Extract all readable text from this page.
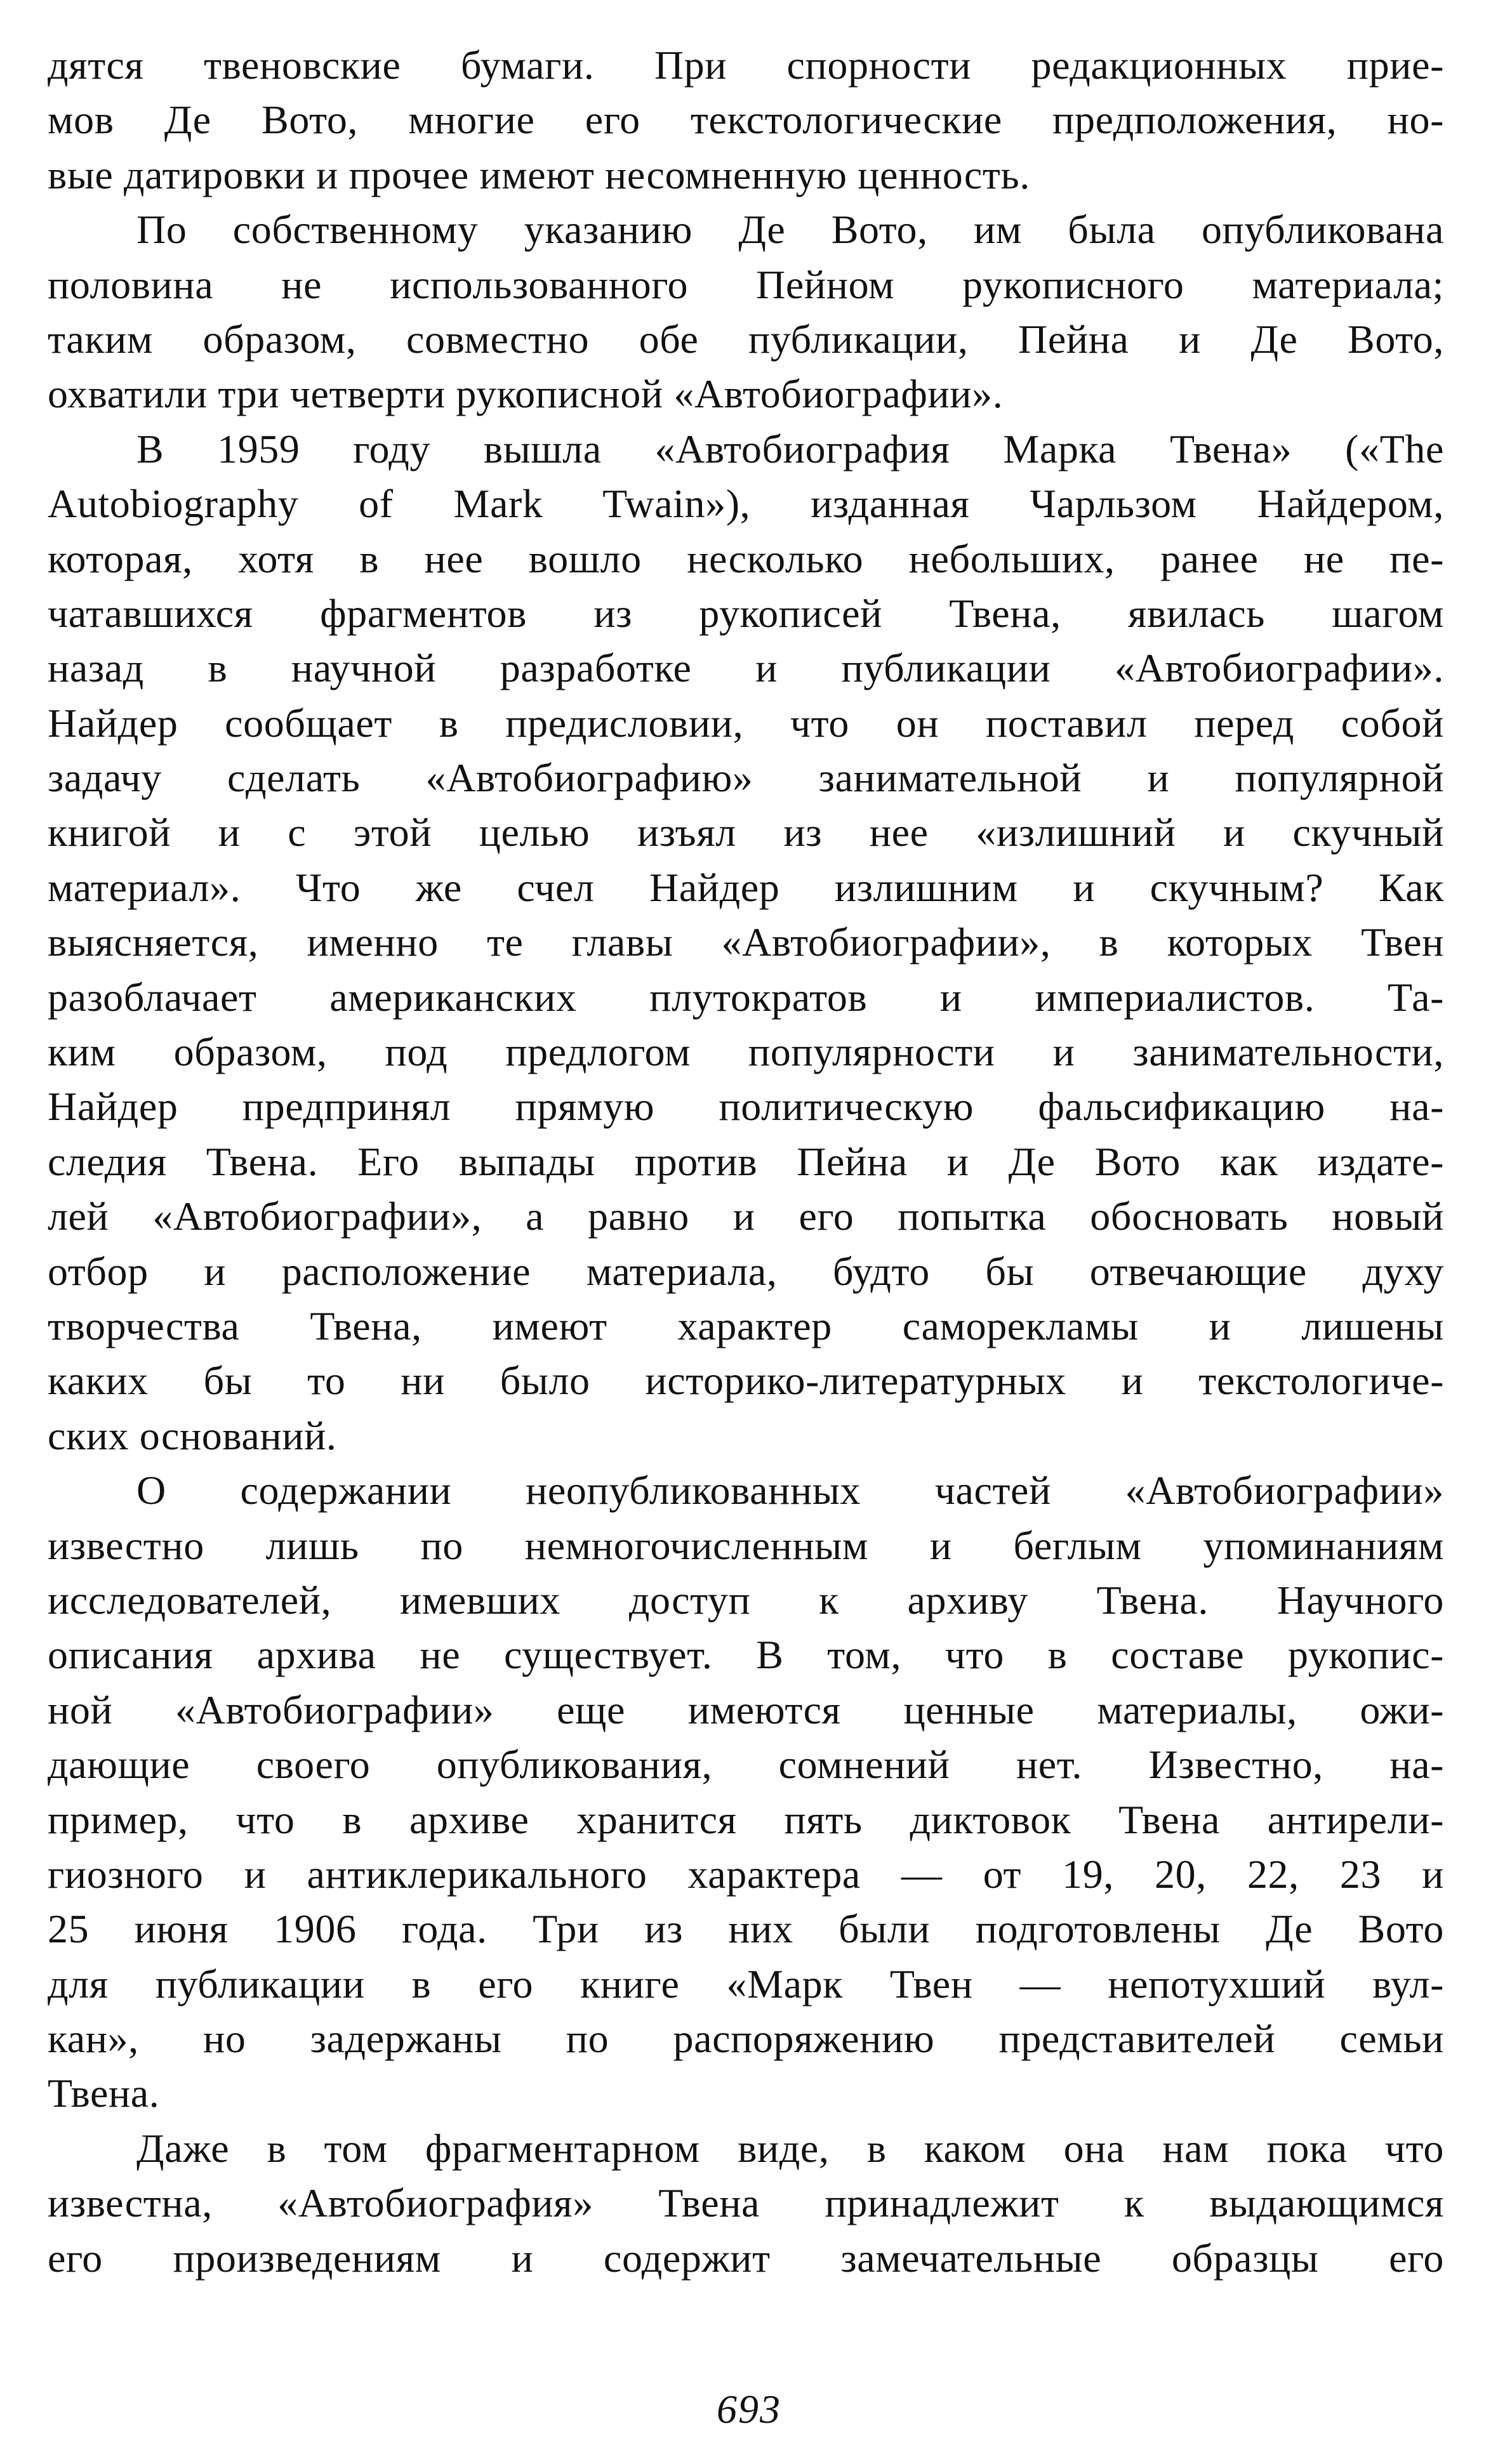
дятся твеновские бумаги. При спорности редакционных прие-
мов Де Вото, многие его текстологические предположения, но-
вые датировки и прочее имеют несомненную ценность.
По собственному указанию Де Вото, им была опубликована
половина не использованного Пейном рукописного материала;
таким образом, совместно обе публикации, Пейна и Де Вото,
охватили три четверти рукописной «Автобиографии».
В 1959 году вышла «Автобиография Марка Твена» («The
Autobiography of Mark Twain»), изданная Чарльзом Найдером,
которая, хотя в нее вошло несколько небольших, ранее не пе-
чатавшихся фрагментов из рукописей Твена, явилась шагом
назад в научной разработке и публикации «Автобиографии».
Найдер сообщает в предисловии, что он поставил перед собой
задачу сделать «Автобиографию» занимательной и популярной
книгой и с этой целью изъял из нее «излишний и скучный
материал». Что же счел Найдер излишним и скучным? Как
выясняется, именно те главы «Автобиографии», в которых Твен
разоблачает американских плутократов и империалистов. Та-
ким образом, под предлогом популярности и занимательности,
Найдер предпринял прямую политическую фальсификацию на-
следия Твена. Его выпады против Пейна и Де Вото как издате-
лей «Автобиографии», а равно и его попытка обосновать новый
отбор и расположение материала, будто бы отвечающие духу
творчества Твена, имеют характер саморекламы и лишены
каких бы то ни было историко-литературных и текстологиче-
ских оснований.
О содержании неопубликованных частей «Автобиографии»
известно лишь по немногочисленным и беглым упоминаниям
исследователей, имевших доступ к архиву Твена. Научного
описания архива не существует. В том, что в составе рукопис-
ной «Автобиографии» еще имеются ценные материалы, ожи-
дающие своего опубликования, сомнений нет. Известно, на-
пример, что в архиве хранится пять диктовок Твена антирели-
гиозного и антиклерикального характера — от 19, 20, 22, 23 и
25 июня 1906 года. Три из них были подготовлены Де Вото
для публикации в его книге «Марк Твен — непотухший вул-
кан», но задержаны по распоряжению представителей семьи
Твена.
Даже в том фрагментарном виде, в каком она нам пока что
известна, «Автобиография» Твена принадлежит к выдающимся
его произведениям и содержит замечательные образцы его
693
